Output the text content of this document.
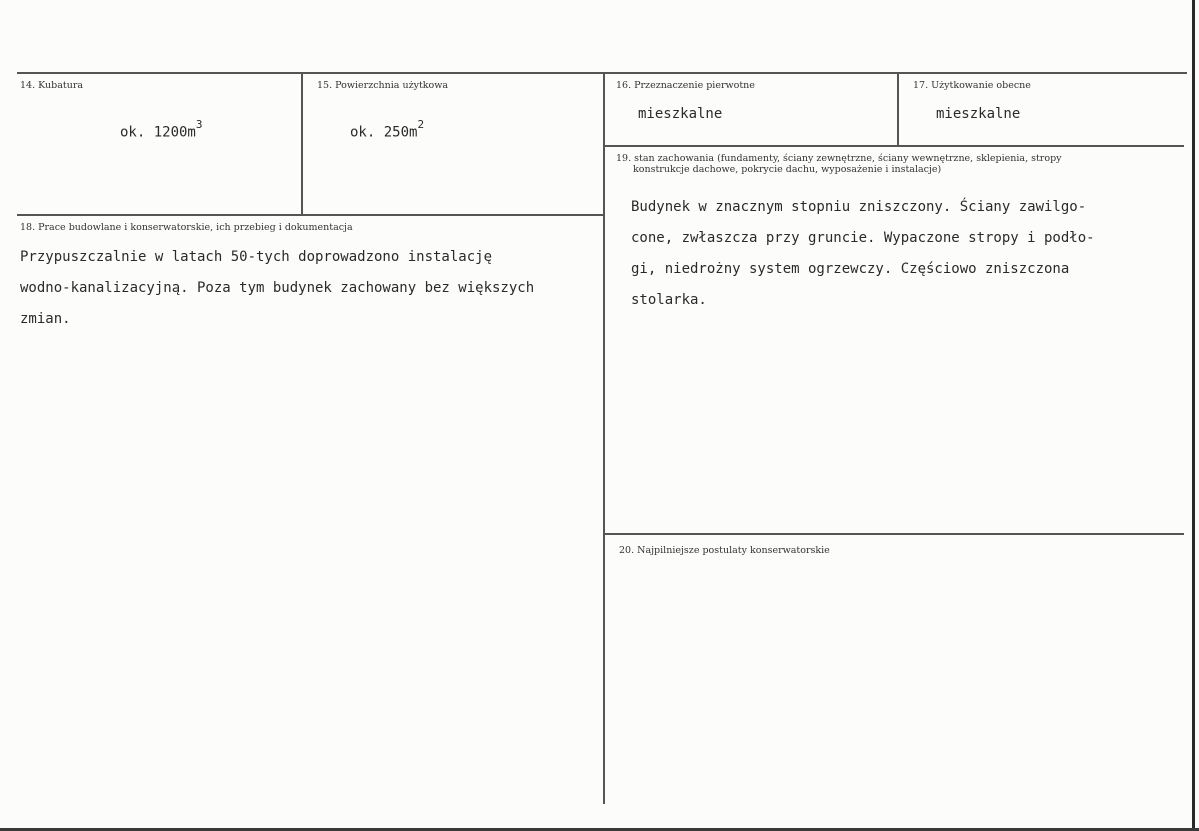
14. Kubatura
ok. $1200m^3$
15. Powierzchnia użytkowa
ok. $250m^2$
16. Przeznaczenie pierwotne
mieszkalne
17. Użytkowanie obecne
mieszkalne
18. Prace budowlane i konserwatorskie, ich przebieg i dokumentacja
Przypuszczalnie w latach 50-tych doprowadzono instalację
wodno-kanalizacyjną. Poza tym budynek zachowany bez większych
zmian.
19. stan zachowania (fundamenty, ściany zewnętrzne, ściany wewnętrzne, sklepienia, stropy
konstrukcje dachowe, pokrycie dachu, wyposażenie i instalacje)
Budynek w znacznym stopniu zniszczony. Ściany zawilgo-
cone, zwłaszcza przy gruncie. Wypaczone stropy i podło-
gi, niedrożny system ogrzewczy. Częściowo zniszczona
stolarka.
20. Najpilniejsze postulaty konserwatorskie
